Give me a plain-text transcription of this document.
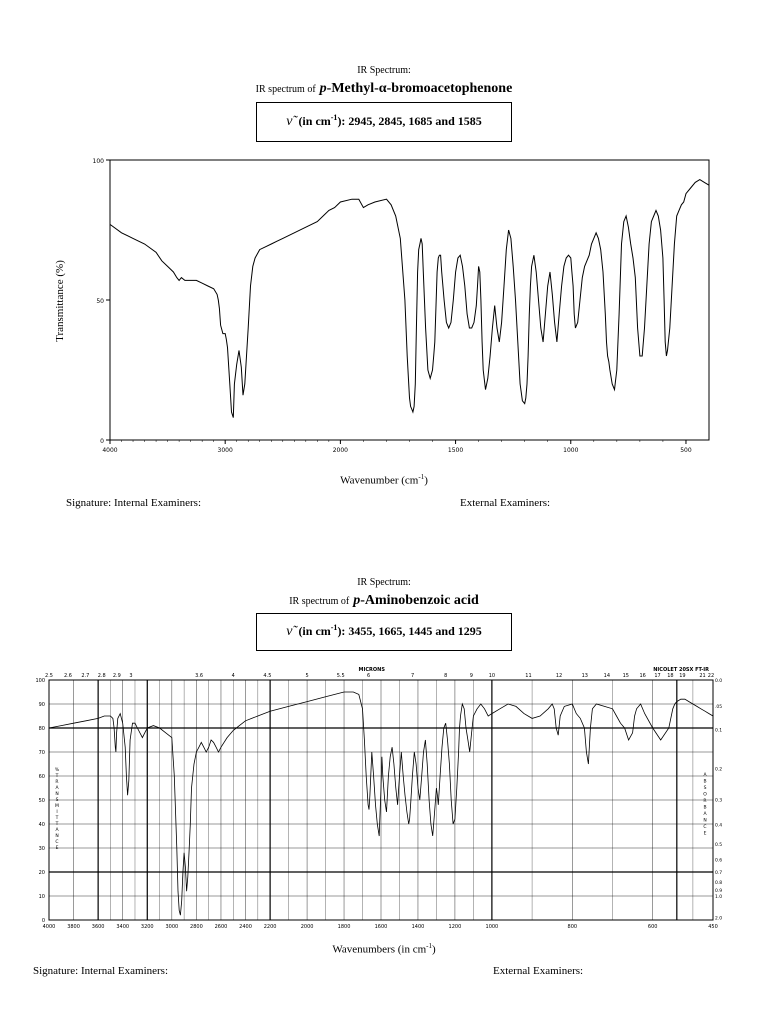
IR Spectrum:
IR spectrum of p-Methyl-α-bromoacetophenone
ν̃ (in $cm^{-1}$): 2945, 2845, 1685 and 1585
0
50
100
4000	3000	2000	1500	1000	500
Transmittance (%)
Wavenumber $(cm^{-1})$
Signature: Internal Examiners:	External Examiners:
IR Spectrum:
IR spectrum of p-Aminobenzoic acid
ν̃ (in $cm^{-1}$): 3455, 1665, 1445 and 1295
0
10
20
30
40
50
60
70
80
90
100
4000 3800 3600 3400 3200 3000 2800 2600 2400 2200	2000	1800	1600	1400	1200	1000	800	600	450
2.5 2.6 2.7 2.8 2.9 3	3.6	4	4.5	5	5.5	6	7	8	9	10	11	12	13	14	15 16 17 18 19	21 22
MICRONS	NICOLET 20SX FT-IR
%
T
R
A
N
S
M
I
T
T
A
N
C
E
A
B
S
O
R
B
A
N
C
E
0.0
.05
0.1
0.2
0.3
0.4
0.5
0.6
0.7
0.8
0.9
1.0
2.0
Wavenumbers (in $cm^{-1}$)
Signature: Internal Examiners:	External Examiners:
